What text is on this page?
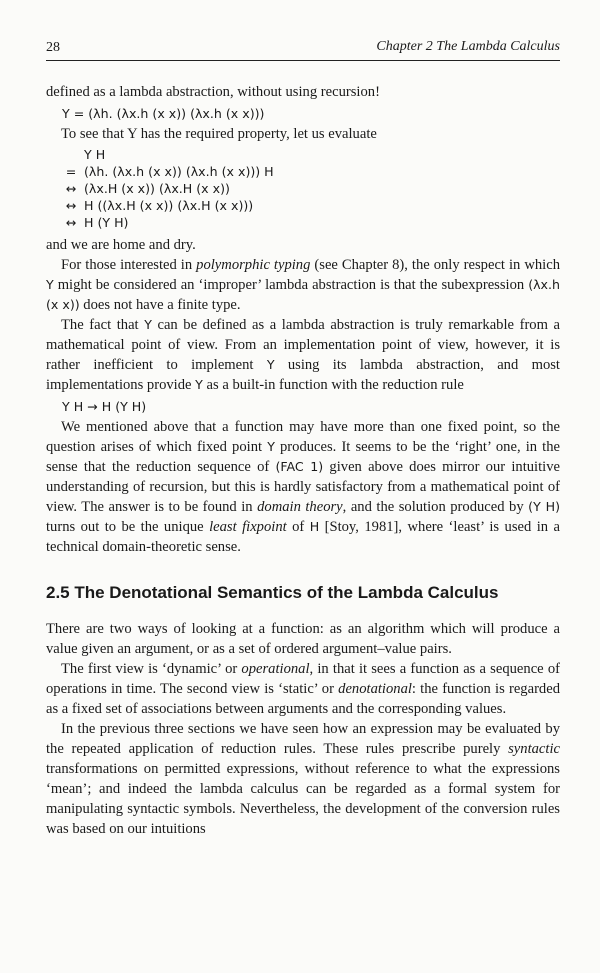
28	Chapter 2 The Lambda Calculus

defined as a lambda abstraction, without using recursion!

Y = (λh. (λx.h (x x)) (λx.h (x x)))

To see that Y has the required property, let us evaluate

Y H
= (λh. (λx.h (x x)) (λx.h (x x))) H
↔ (λx.H (x x)) (λx.H (x x))
↔ H ((λx.H (x x)) (λx.H (x x)))
↔ H (Y H)

and we are home and dry.

For those interested in polymorphic typing (see Chapter 8), the only respect in which Y might be considered an ‘improper’ lambda abstraction is that the subexpression (λx.h (x x)) does not have a finite type.

The fact that Y can be defined as a lambda abstraction is truly remarkable from a mathematical point of view. From an implementation point of view, however, it is rather inefficient to implement Y using its lambda abstraction, and most implementations provide Y as a built-in function with the reduction rule

Y H → H (Y H)

We mentioned above that a function may have more than one fixed point, so the question arises of which fixed point Y produces. It seems to be the ‘right’ one, in the sense that the reduction sequence of (FAC 1) given above does mirror our intuitive understanding of recursion, but this is hardly satisfactory from a mathematical point of view. The answer is to be found in domain theory, and the solution produced by (Y H) turns out to be the unique least fixpoint of H [Stoy, 1981], where ‘least’ is used in a technical domain-theoretic sense.

2.5 The Denotational Semantics of the Lambda Calculus

There are two ways of looking at a function: as an algorithm which will produce a value given an argument, or as a set of ordered argument–value pairs.

The first view is ‘dynamic’ or operational, in that it sees a function as a sequence of operations in time. The second view is ‘static’ or denotational: the function is regarded as a fixed set of associations between arguments and the corresponding values.

In the previous three sections we have seen how an expression may be evaluated by the repeated application of reduction rules. These rules prescribe purely syntactic transformations on permitted expressions, without reference to what the expressions ‘mean’; and indeed the lambda calculus can be regarded as a formal system for manipulating syntactic symbols. Nevertheless, the development of the conversion rules was based on our intuitions
